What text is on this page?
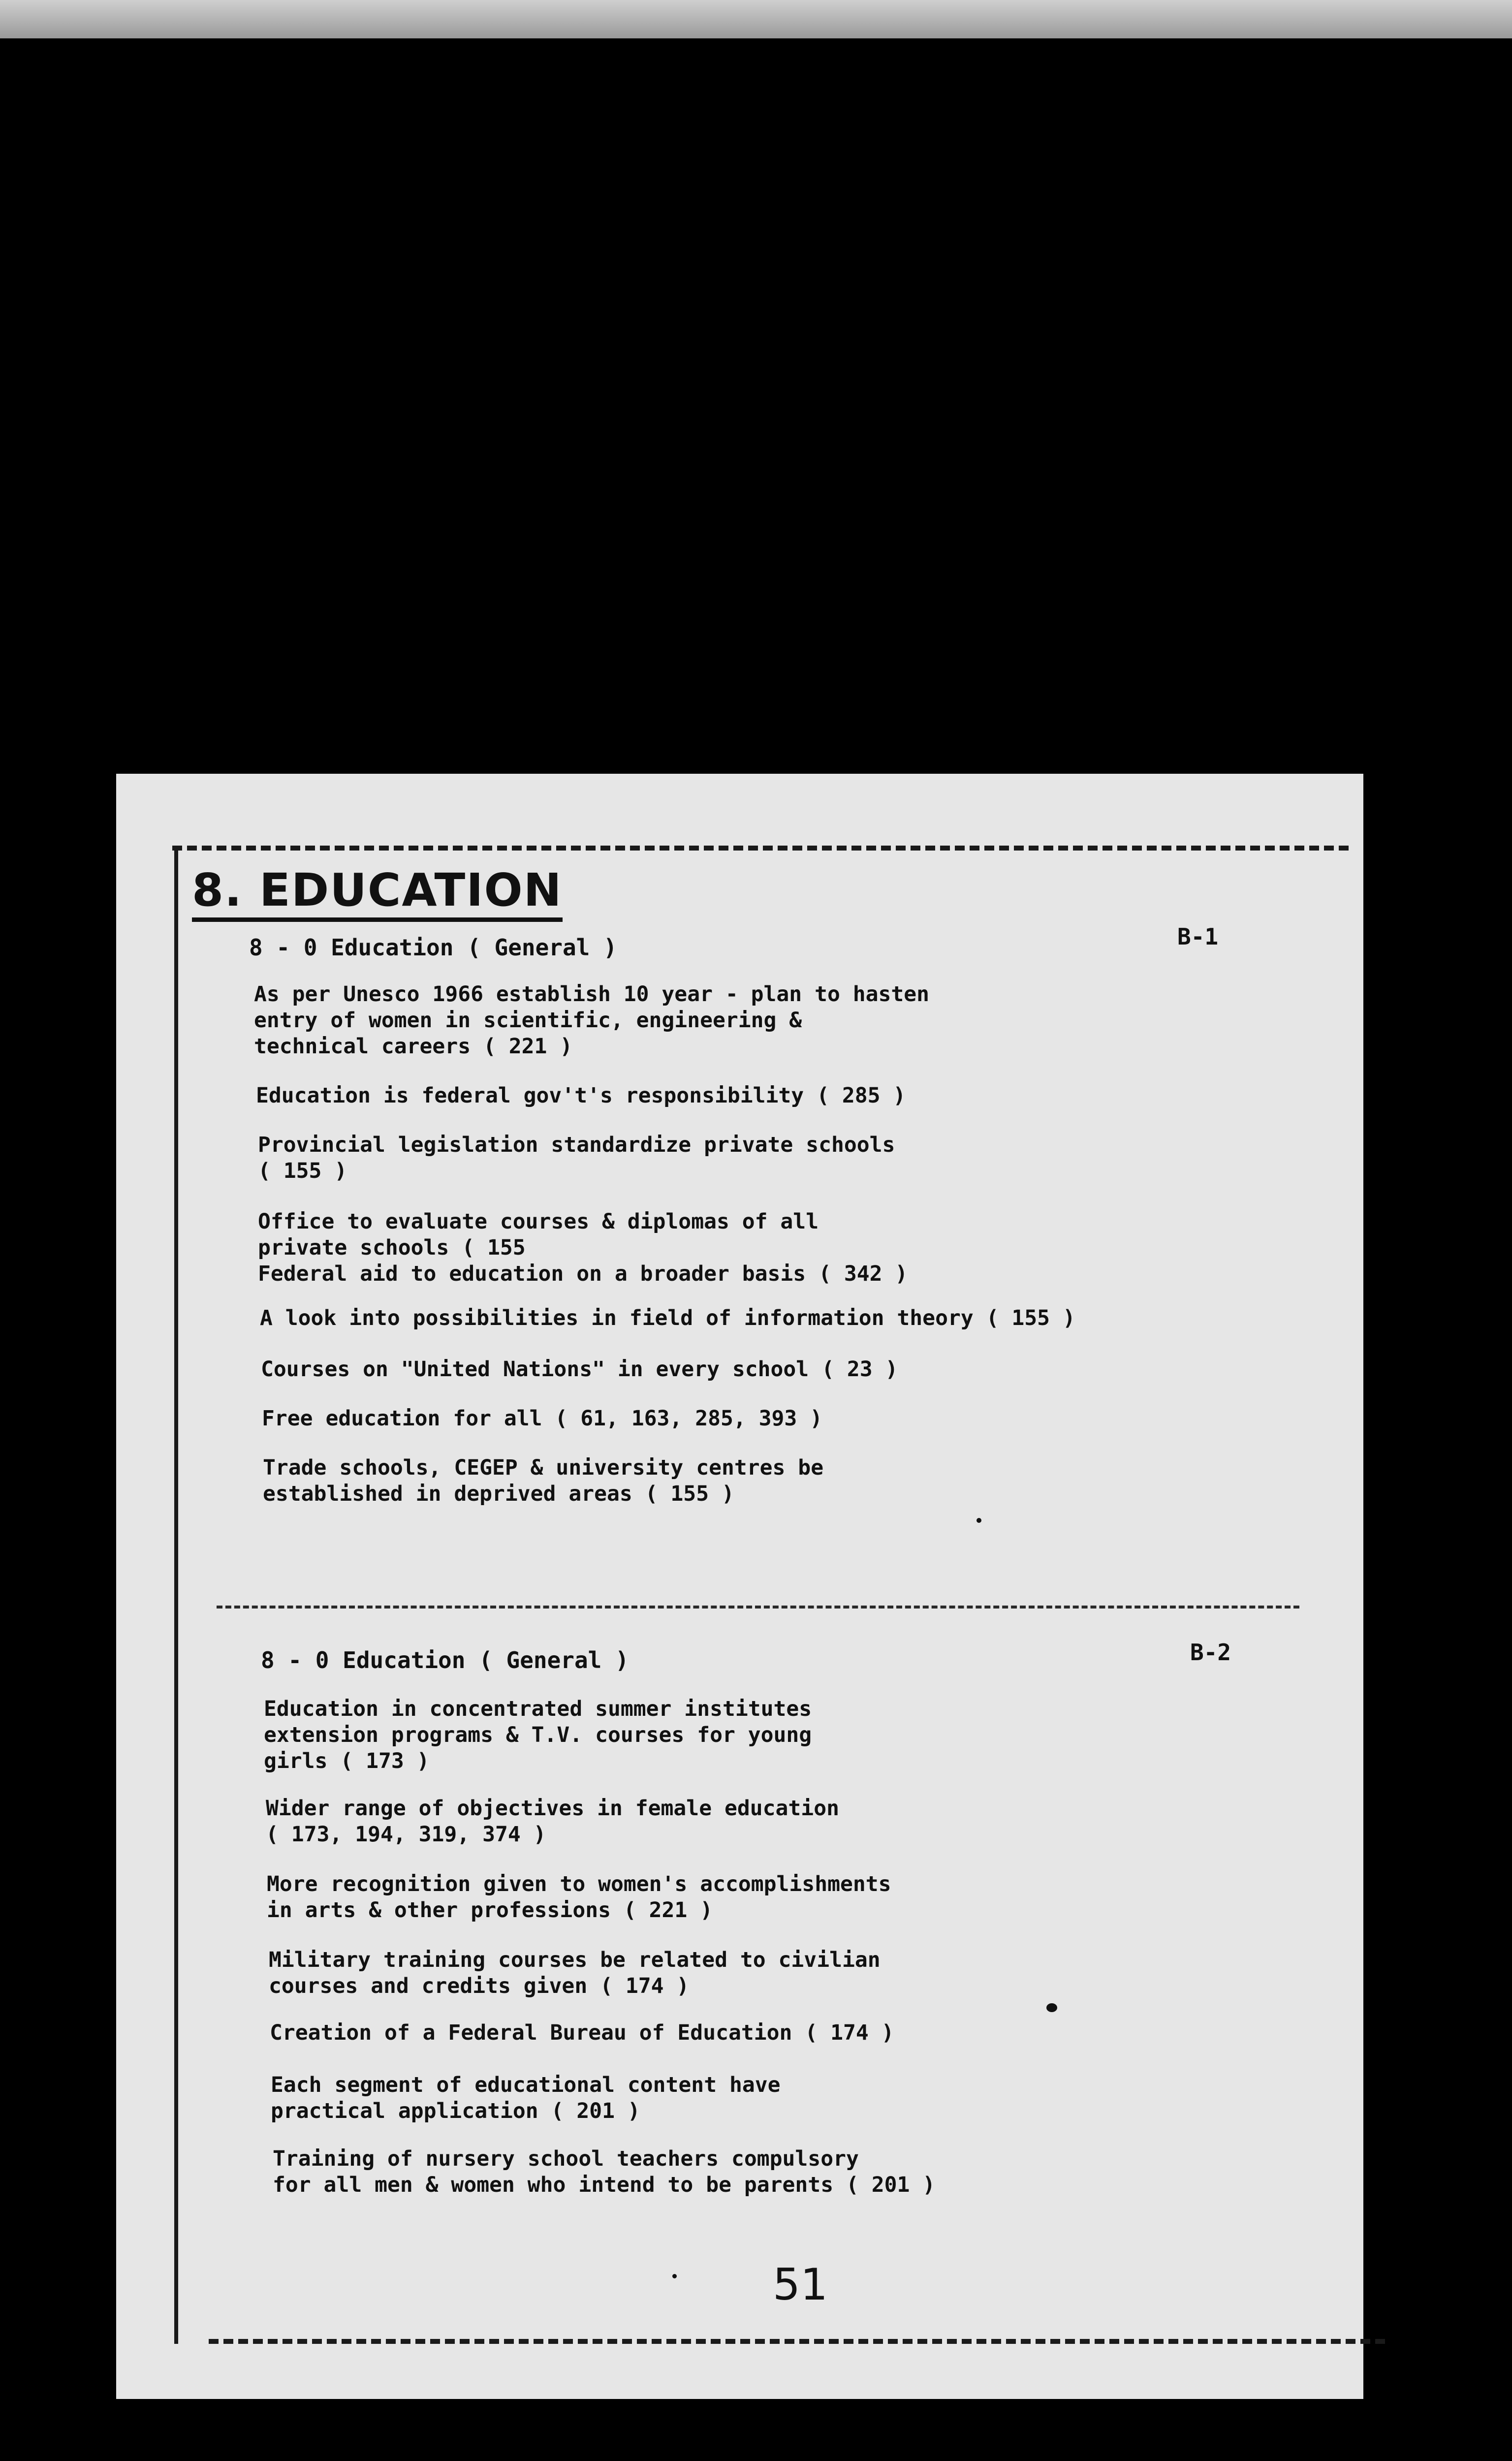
8. EDUCATION
8 - 0 Education ( General )	B-1
As per Unesco 1966 establish 10 year - plan to hasten
entry of women in scientific, engineering &
technical careers ( 221 )
Education is federal gov't's responsibility ( 285 )
Provincial legislation standardize private schools
( 155 )
Office to evaluate courses & diplomas of all
private schools ( 155
Federal aid to education on a broader basis ( 342 )
A look into possibilities in field of information theory ( 155 )
Courses on "United Nations" in every school ( 23 )
Free education for all ( 61, 163, 285, 393 )
Trade schools, CEGEP & university centres be
established in deprived areas ( 155 )
8 - 0 Education ( General )	B-2
Education in concentrated summer institutes
extension programs & T.V. courses for young
girls ( 173 )
Wider range of objectives in female education
( 173, 194, 319, 374 )
More recognition given to women's accomplishments
in arts & other professions ( 221 )
Military training courses be related to civilian
courses and credits given ( 174 )
Creation of a Federal Bureau of Education ( 174 )
Each segment of educational content have
practical application ( 201 )
Training of nursery school teachers compulsory
for all men & women who intend to be parents ( 201 )
51
